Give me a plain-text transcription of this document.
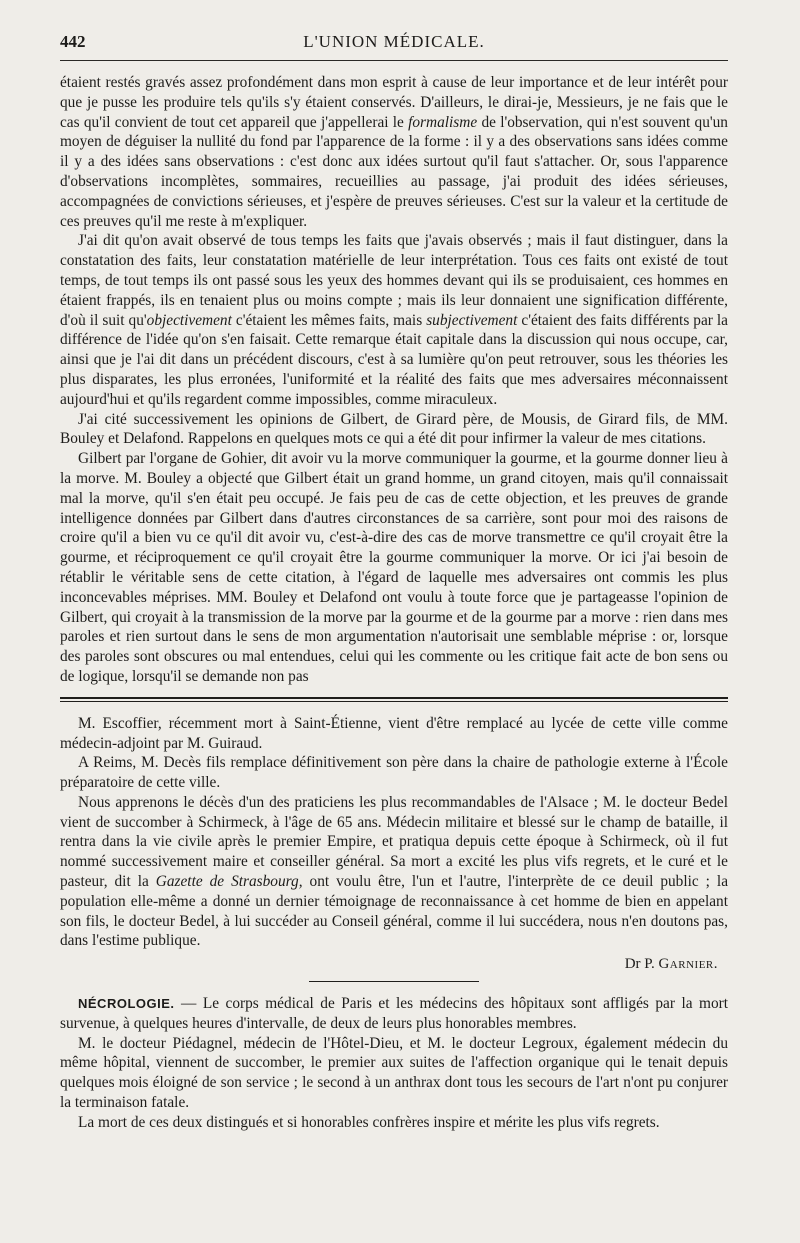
442	L'UNION MÉDICALE.

étaient restés gravés assez profondément dans mon esprit à cause de leur importance et de leur intérêt pour que je pusse les produire tels qu'ils s'y étaient conservés. D'ailleurs, le dirai-je, Messieurs, je ne fais que le cas qu'il convient de tout cet appareil que j'appellerai le formalisme de l'observation, qui n'est souvent qu'un moyen de déguiser la nullité du fond par l'apparence de la forme : il y a des observations sans idées comme il y a des idées sans observations : c'est donc aux idées surtout qu'il faut s'attacher. Or, sous l'apparence d'observations incomplètes, sommaires, recueillies au passage, j'ai produit des idées sérieuses, accompagnées de convictions sérieuses, et j'espère de preuves sérieuses. C'est sur la valeur et la certitude de ces preuves qu'il me reste à m'expliquer.

J'ai dit qu'on avait observé de tous temps les faits que j'avais observés ; mais il faut distinguer, dans la constatation des faits, leur constatation matérielle de leur interprétation. Tous ces faits ont existé de tout temps, de tout temps ils ont passé sous les yeux des hommes devant qui ils se produisaient, ces hommes en étaient frappés, ils en tenaient plus ou moins compte ; mais ils leur donnaient une signification différente, d'où il suit qu'objectivement c'étaient les mêmes faits, mais subjectivement c'étaient des faits différents par la différence de l'idée qu'on s'en faisait. Cette remarque était capitale dans la discussion qui nous occupe, car, ainsi que je l'ai dit dans un précédent discours, c'est à sa lumière qu'on peut retrouver, sous les théories les plus disparates, les plus erronées, l'uniformité et la réalité des faits que mes adversaires méconnaissent aujourd'hui et qu'ils regardent comme impossibles, comme miraculeux.

J'ai cité successivement les opinions de Gilbert, de Girard père, de Mousis, de Girard fils, de MM. Bouley et Delafond. Rappelons en quelques mots ce qui a été dit pour infirmer la valeur de mes citations.

Gilbert par l'organe de Gohier, dit avoir vu la morve communiquer la gourme, et la gourme donner lieu à la morve. M. Bouley a objecté que Gilbert était un grand homme, un grand citoyen, mais qu'il connaissait mal la morve, qu'il s'en était peu occupé. Je fais peu de cas de cette objection, et les preuves de grande intelligence données par Gilbert dans d'autres circonstances de sa carrière, sont pour moi des raisons de croire qu'il a bien vu ce qu'il dit avoir vu, c'est-à-dire des cas de morve transmettre ce qu'il croyait être la gourme, et réciproquement ce qu'il croyait être la gourme communiquer la morve. Or ici j'ai besoin de rétablir le véritable sens de cette citation, à l'égard de laquelle mes adversaires ont commis les plus inconcevables méprises. MM. Bouley et Delafond ont voulu à toute force que je partageasse l'opinion de Gilbert, qui croyait à la transmission de la morve par la gourme et de la gourme par a morve : rien dans mes paroles et rien surtout dans le sens de mon argumentation n'autorisait une semblable méprise : or, lorsque des paroles sont obscures ou mal entendues, celui qui les commente ou les critique fait acte de bon sens ou de logique, lorsqu'il se demande non pas

M. Escoffier, récemment mort à Saint-Étienne, vient d'être remplacé au lycée de cette ville comme médecin-adjoint par M. Guiraud.

A Reims, M. Decès fils remplace définitivement son père dans la chaire de pathologie externe à l'École préparatoire de cette ville.

Nous apprenons le décès d'un des praticiens les plus recommandables de l'Alsace ; M. le docteur Bedel vient de succomber à Schirmeck, à l'âge de 65 ans. Médecin militaire et blessé sur le champ de bataille, il rentra dans la vie civile après le premier Empire, et pratiqua depuis cette époque à Schirmeck, où il fut nommé successivement maire et conseiller général. Sa mort a excité les plus vifs regrets, et le curé et le pasteur, dit la Gazette de Strasbourg, ont voulu être, l'un et l'autre, l'interprète de ce deuil public ; la population elle-même a donné un dernier témoignage de reconnaissance à cet homme de bien en appelant son fils, le docteur Bedel, à lui succéder au Conseil général, comme il lui succédera, nous n'en doutons pas, dans l'estime publique.

Dr P. Garnier.

NÉCROLOGIE. — Le corps médical de Paris et les médecins des hôpitaux sont affligés par la mort survenue, à quelques heures d'intervalle, de deux de leurs plus honorables membres.

M. le docteur Piédagnel, médecin de l'Hôtel-Dieu, et M. le docteur Legroux, également médecin du même hôpital, viennent de succomber, le premier aux suites de l'affection organique qui le tenait depuis quelques mois éloigné de son service ; le second à un anthrax dont tous les secours de l'art n'ont pu conjurer la terminaison fatale.

La mort de ces deux distingués et si honorables confrères inspire et mérite les plus vifs regrets.
